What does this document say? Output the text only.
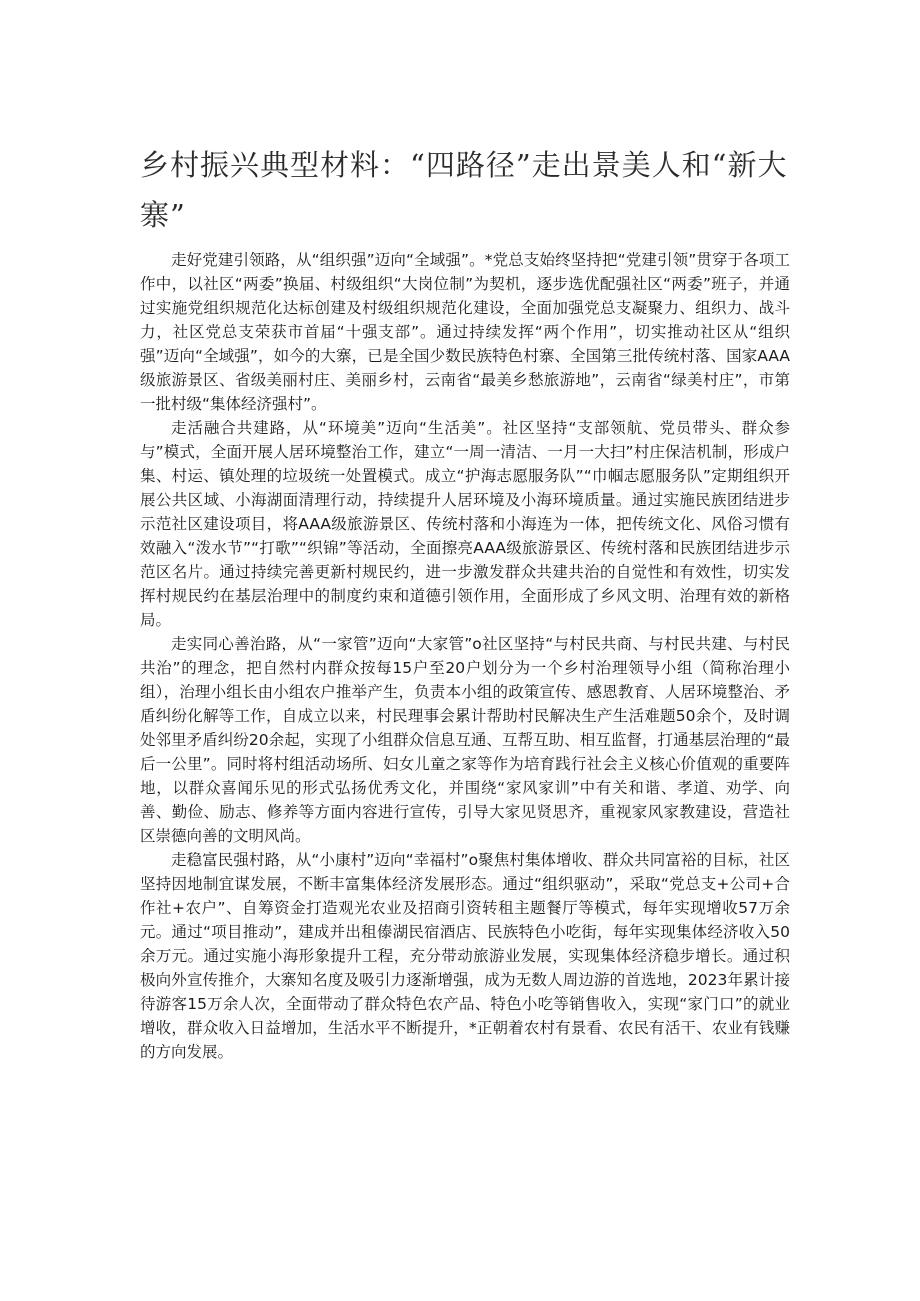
乡村振兴典型材料：“四路径”走出景美人和“新大寨”

走好党建引领路，从“组织强”迈向“全域强”。*党总支始终坚持把“党建引领”贯穿于各项工作中，以社区“两委”换届、村级组织“大岗位制”为契机，逐步选优配强社区“两委”班子，并通过实施党组织规范化达标创建及村级组织规范化建设，全面加强党总支凝聚力、组织力、战斗力，社区党总支荣获市首届“十强支部”。通过持续发挥“两个作用”，切实推动社区从“组织强”迈向“全域强”，如今的大寨，已是全国少数民族特色村寨、全国第三批传统村落、国家AAA级旅游景区、省级美丽村庄、美丽乡村，云南省“最美乡愁旅游地”，云南省“绿美村庄”，市第一批村级“集体经济强村”。

走活融合共建路，从“环境美”迈向“生活美”。社区坚持“支部领航、党员带头、群众参与”模式，全面开展人居环境整治工作，建立“一周一清洁、一月一大扫”村庄保洁机制，形成户集、村运、镇处理的垃圾统一处置模式。成立“护海志愿服务队”“巾帼志愿服务队”定期组织开展公共区域、小海湖面清理行动，持续提升人居环境及小海环境质量。通过实施民族团结进步示范社区建设项目，将AAA级旅游景区、传统村落和小海连为一体，把传统文化、风俗习惯有效融入“泼水节”“打歌”“织锦”等活动，全面擦亮AAA级旅游景区、传统村落和民族团结进步示范区名片。通过持续完善更新村规民约，进一步激发群众共建共治的自觉性和有效性，切实发挥村规民约在基层治理中的制度约束和道德引领作用，全面形成了乡风文明、治理有效的新格局。

走实同心善治路，从“一家管”迈向“大家管”o社区坚持“与村民共商、与村民共建、与村民共治”的理念，把自然村内群众按每15户至20户划分为一个乡村治理领导小组（简称治理小组），治理小组长由小组农户推举产生，负责本小组的政策宣传、感恩教育、人居环境整治、矛盾纠纷化解等工作，自成立以来，村民理事会累计帮助村民解决生产生活难题50余个，及时调处邻里矛盾纠纷20余起，实现了小组群众信息互通、互帮互助、相互监督，打通基层治理的“最后一公里”。同时将村组活动场所、妇女儿童之家等作为培育践行社会主义核心价值观的重要阵地，以群众喜闻乐见的形式弘扬优秀文化，并围绕“家风家训”中有关和谐、孝道、劝学、向善、勤俭、励志、修养等方面内容进行宣传，引导大家见贤思齐，重视家风家教建设，营造社区崇德向善的文明风尚。

走稳富民强村路，从“小康村”迈向“幸福村”o聚焦村集体增收、群众共同富裕的目标，社区坚持因地制宜谋发展，不断丰富集体经济发展形态。通过“组织驱动”，采取“党总支+公司+合作社+农户”、自筹资金打造观光农业及招商引资转租主题餐厅等模式，每年实现增收57万余元。通过“项目推动”，建成并出租傣湖民宿酒店、民族特色小吃街，每年实现集体经济收入50余万元。通过实施小海形象提升工程，充分带动旅游业发展，实现集体经济稳步增长。通过积极向外宣传推介，大寨知名度及吸引力逐渐增强，成为无数人周边游的首选地，2023年累计接待游客15万余人次，全面带动了群众特色农产品、特色小吃等销售收入，实现“家门口”的就业增收，群众收入日益增加，生活水平不断提升，*正朝着农村有景看、农民有活干、农业有钱赚的方向发展。
